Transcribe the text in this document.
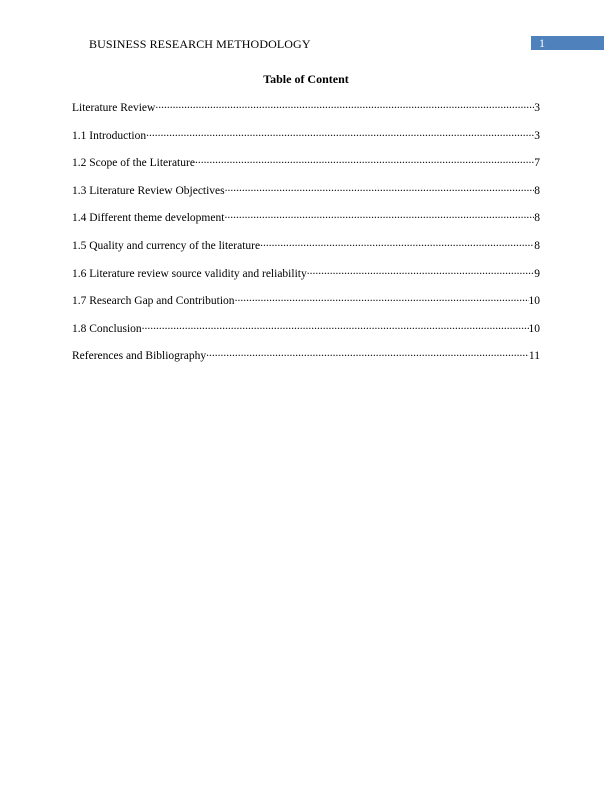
BUSINESS RESEARCH METHODOLOGY	1
Table of Content
Literature Review .....	3
1.1 Introduction .....	3
1.2 Scope of the Literature .....	7
1.3 Literature Review Objectives .....	8
1.4 Different theme development .....	8
1.5 Quality and currency of the literature .....	8
1.6 Literature review source validity and reliability .....	9
1.7 Research Gap and Contribution .....	10
1.8 Conclusion .....	10
References and Bibliography .....	11
